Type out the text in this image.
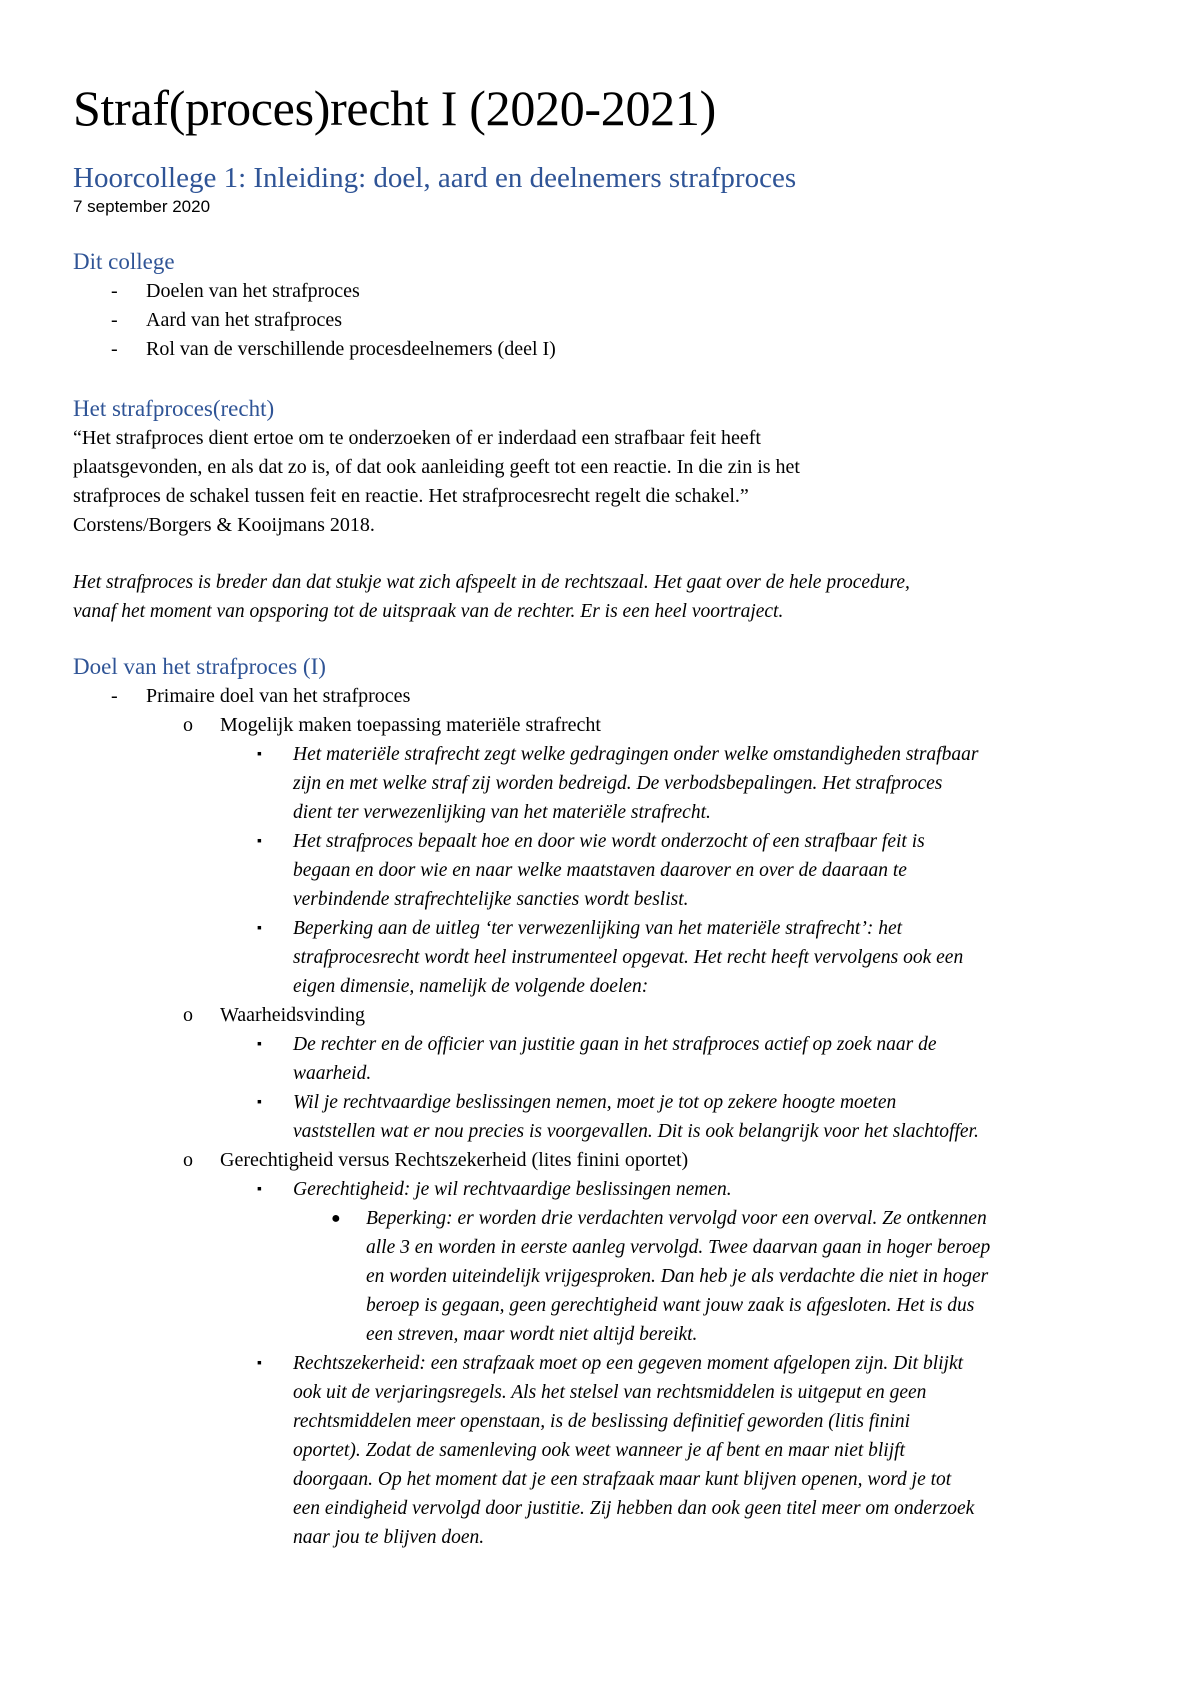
Straf(proces)recht I (2020-2021)
Hoorcollege 1: Inleiding: doel, aard en deelnemers strafproces

7 september 2020

Dit college
- Doelen van het strafproces
- Aard van het strafproces
- Rol van de verschillende procesdeelnemers (deel I)
Het strafproces(recht)

“Het strafproces dient ertoe om te onderzoeken of er inderdaad een strafbaar feit heeft

plaatsgevonden, en als dat zo is, of dat ook aanleiding geeft tot een reactie. In die zin is het

strafproces de schakel tussen feit en reactie. Het strafprocesrecht regelt die schakel.”

Corstens/Borgers & Kooijmans 2018.

Het strafproces is breder dan dat stukje wat zich afspeelt in de rechtszaal. Het gaat over de hele procedure,

vanaf het moment van opsporing tot de uitspraak van de rechter. Er is een heel voortraject.

Doel van het strafproces (I)
- Primaire doel van het strafproces
o Mogelijk maken toepassing materiële strafrecht
▪ Het materiële strafrecht zegt welke gedragingen onder welke omstandigheden strafbaar

zijn en met welke straf zij worden bedreigd. De verbodsbepalingen. Het strafproces

dient ter verwezenlijking van het materiële strafrecht.

▪ Het strafproces bepaalt hoe en door wie wordt onderzocht of een strafbaar feit is

begaan en door wie en naar welke maatstaven daarover en over de daaraan te

verbindende strafrechtelijke sancties wordt beslist.

▪ Beperking aan de uitleg ‘ter verwezenlijking van het materiële strafrecht’: het

strafprocesrecht wordt heel instrumenteel opgevat. Het recht heeft vervolgens ook een

eigen dimensie, namelijk de volgende doelen:

o Waarheidsvinding
▪ De rechter en de officier van justitie gaan in het strafproces actief op zoek naar de

waarheid.

▪ Wil je rechtvaardige beslissingen nemen, moet je tot op zekere hoogte moeten

vaststellen wat er nou precies is voorgevallen. Dit is ook belangrijk voor het slachtoffer.

o Gerechtigheid versus Rechtszekerheid (lites finini oportet)
▪ Gerechtigheid: je wil rechtvaardige beslissingen nemen.

● Beperking: er worden drie verdachten vervolgd voor een overval. Ze ontkennen

alle 3 en worden in eerste aanleg vervolgd. Twee daarvan gaan in hoger beroep

en worden uiteindelijk vrijgesproken. Dan heb je als verdachte die niet in hoger

beroep is gegaan, geen gerechtigheid want jouw zaak is afgesloten. Het is dus

een streven, maar wordt niet altijd bereikt.

▪ Rechtszekerheid: een strafzaak moet op een gegeven moment afgelopen zijn. Dit blijkt

ook uit de verjaringsregels. Als het stelsel van rechtsmiddelen is uitgeput en geen

rechtsmiddelen meer openstaan, is de beslissing definitief geworden (litis finini

oportet). Zodat de samenleving ook weet wanneer je af bent en maar niet blijft

doorgaan. Op het moment dat je een strafzaak maar kunt blijven openen, word je tot

een eindigheid vervolgd door justitie. Zij hebben dan ook geen titel meer om onderzoek

naar jou te blijven doen.
